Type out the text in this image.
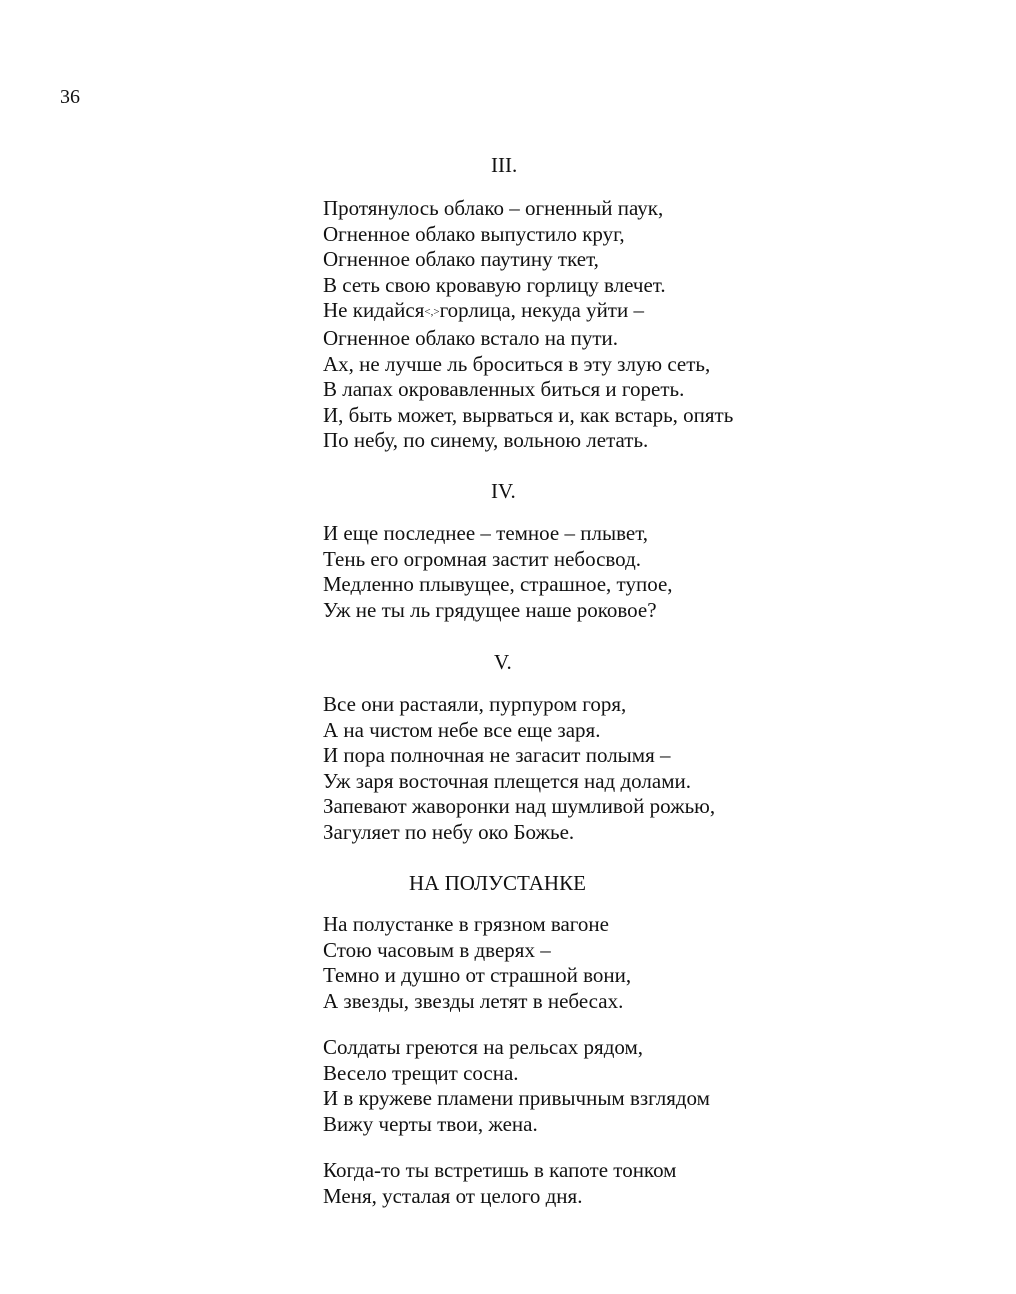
36
III.
Протянулось облако – огненный паук,
Огненное облако выпустило круг,
Огненное облако паутину ткет,
В сеть свою кровавую горлицу влечет.
Не кидайся<,>горлица, некуда уйти –
Огненное облако встало на пути.
Ах, не лучше ль броситься в эту злую сеть,
В лапах окровавленных биться и гореть.
И, быть может, вырваться и, как встарь, опять
По небу, по синему, вольною летать.
IV.
И еще последнее – темное – плывет,
Тень его огромная застит небосвод.
Медленно плывущее, страшное, тупое,
Уж не ты ль грядущее наше роковое?
V.
Все они растаяли, пурпуром горя,
А на чистом небе все еще заря.
И пора полночная не загасит полымя –
Уж заря восточная плещется над долами.
Запевают жаворонки над шумливой рожью,
Загуляет по небу око Божье.
НА ПОЛУСТАНКЕ
На полустанке в грязном вагоне
Стою часовым в дверях –
Темно и душно от страшной вони,
А звезды, звезды летят в небесах.
Солдаты греются на рельсах рядом,
Весело трещит сосна.
И в кружеве пламени привычным взглядом
Вижу черты твои, жена.
Когда-то ты встретишь в капоте тонком
Меня, усталая от целого дня.
